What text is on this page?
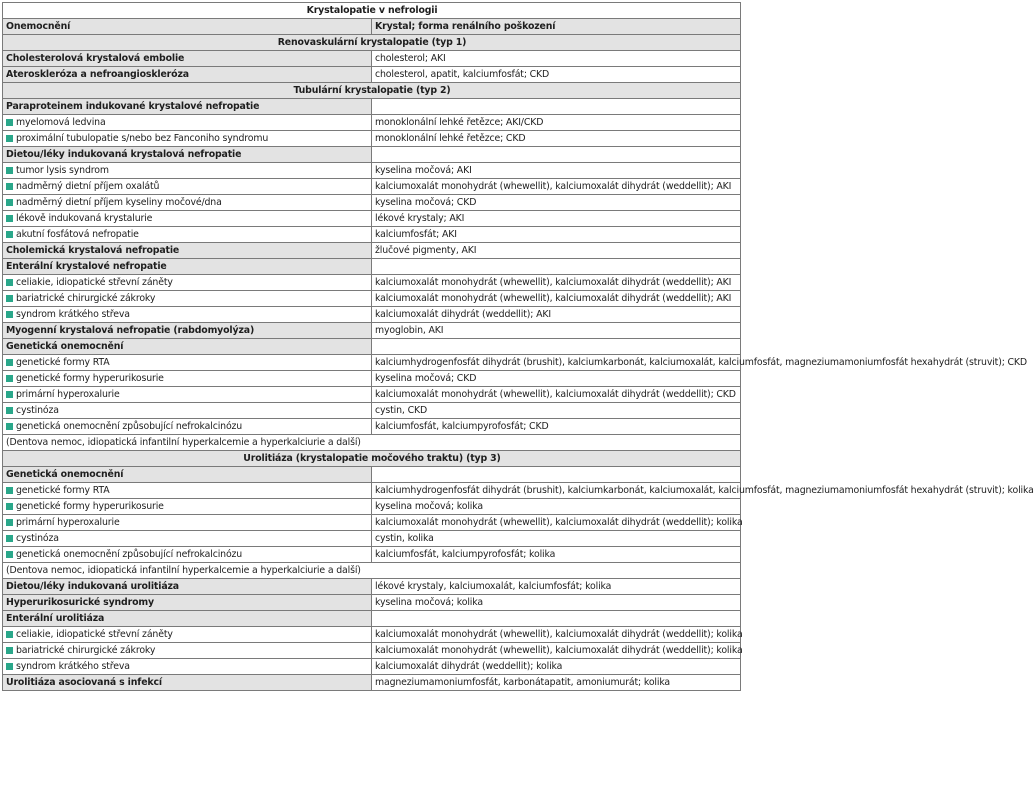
Krystalopatie v nefrologii	
Onemocnění	Krystal; forma renálního poškození
Renovaskulární krystalopatie (typ 1)	
Cholesterolová krystalová embolie	cholesterol; AKI
Ateroskleróza a nefroangioskleróza	cholesterol, apatit, kalciumfosfát; CKD
Tubulární krystalopatie (typ 2)	
Paraproteinem indukované krystalové nefropatie	
myelomová ledvina	monoklonální lehké řetězce; AKI/CKD
proximální tubulopatie s/nebo bez Fanconiho syndromu	monoklonální lehké řetězce; CKD
Dietou/léky indukovaná krystalová nefropatie	
tumor lysis syndrom	kyselina močová; AKI
nadměrný dietní příjem oxalátů	kalciumoxalát monohydrát (whewellit), kalciumoxalát dihydrát (weddellit); AKI
nadměrný dietní příjem kyseliny močové/dna	kyselina močová; CKD
lékově indukovaná krystalurie	lékové krystaly; AKI
akutní fosfátová nefropatie	kalciumfosfát; AKI
Cholemická krystalová nefropatie	žlučové pigmenty, AKI
Enterální krystalové nefropatie	
celiakie, idiopatické střevní záněty	kalciumoxalát monohydrát (whewellit), kalciumoxalát dihydrát (weddellit); AKI
bariatrické chirurgické zákroky	kalciumoxalát monohydrát (whewellit), kalciumoxalát dihydrát (weddellit); AKI
syndrom krátkého střeva	kalciumoxalát dihydrát (weddellit); AKI
Myogenní krystalová nefropatie (rabdomyolýza)	myoglobin, AKI
Genetická onemocnění	
genetické formy RTA	kalciumhydrogenfosfát dihydrát (brushit), kalciumkarbonát, kalciumoxalát, kalciumfosfát, magneziumamoniumfosfát hexahydrát (struvit); CKD
genetické formy hyperurikosurie	kyselina močová; CKD
primární hyperoxalurie	kalciumoxalát monohydrát (whewellit), kalciumoxalát dihydrát (weddellit); CKD
cystinóza	cystin, CKD
genetická onemocnění způsobující nefrokalcinózu	kalciumfosfát, kalciumpyrofosfát; CKD
(Dentova nemoc, idiopatická infantilní hyperkalcemie a hyperkalciurie a další)	
Urolitiáza (krystalopatie močového traktu) (typ 3)	
Genetická onemocnění	
genetické formy RTA	kalciumhydrogenfosfát dihydrát (brushit), kalciumkarbonát, kalciumoxalát, kalciumfosfát, magneziumamoniumfosfát hexahydrát (struvit); kolika
genetické formy hyperurikosurie	kyselina močová; kolika
primární hyperoxalurie	kalciumoxalát monohydrát (whewellit), kalciumoxalát dihydrát (weddellit); kolika
cystinóza	cystin, kolika
genetická onemocnění způsobující nefrokalcinózu	kalciumfosfát, kalciumpyrofosfát; kolika
(Dentova nemoc, idiopatická infantilní hyperkalcemie a hyperkalciurie a další)	
Dietou/léky indukovaná urolitiáza	lékové krystaly, kalciumoxalát, kalciumfosfát; kolika
Hyperurikosurické syndromy	kyselina močová; kolika
Enterální urolitiáza	
celiakie, idiopatické střevní záněty	kalciumoxalát monohydrát (whewellit), kalciumoxalát dihydrát (weddellit); kolika
bariatrické chirurgické zákroky	kalciumoxalát monohydrát (whewellit), kalciumoxalát dihydrát (weddellit); kolika
syndrom krátkého střeva	kalciumoxalát dihydrát (weddellit); kolika
Urolitiáza asociovaná s infekcí	magneziumamoniumfosfát, karbonátapatit, amoniumurát; kolika
